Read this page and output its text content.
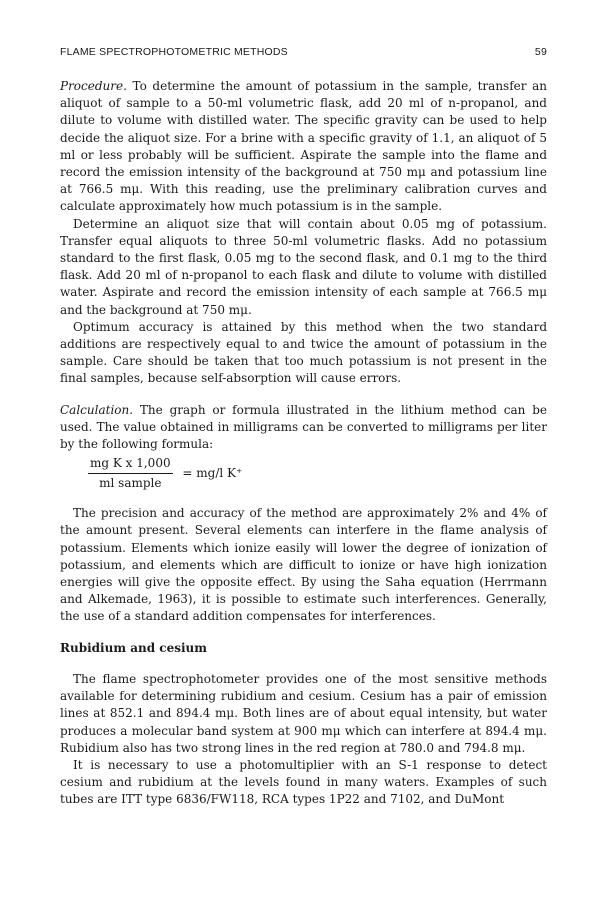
FLAME SPECTROPHOTOMETRIC METHODS	59

Procedure. To determine the amount of potassium in the sample, transfer an aliquot of sample to a 50-ml volumetric flask, add 20 ml of n-propanol, and dilute to volume with distilled water. The specific gravity can be used to help decide the aliquot size. For a brine with a specific gravity of 1.1, an aliquot of 5 ml or less probably will be sufficient. Aspirate the sample into the flame and record the emission intensity of the background at 750 mμ and potassium line at 766.5 mμ. With this reading, use the preliminary calibration curves and calculate approximately how much potassium is in the sample.

Determine an aliquot size that will contain about 0.05 mg of potassium. Transfer equal aliquots to three 50-ml volumetric flasks. Add no potassium standard to the first flask, 0.05 mg to the second flask, and 0.1 mg to the third flask. Add 20 ml of n-propanol to each flask and dilute to volume with distilled water. Aspirate and record the emission intensity of each sample at 766.5 mμ and the background at 750 mμ.

Optimum accuracy is attained by this method when the two standard additions are respectively equal to and twice the amount of potassium in the sample. Care should be taken that too much potassium is not present in the final samples, because self-absorption will cause errors.

Calculation. The graph or formula illustrated in the lithium method can be used. The value obtained in milligrams can be converted to milligrams per liter by the following formula:

$\frac{\text{mg K x 1,000}}{\text{ml sample}} = mg/l$ K⁺

The precision and accuracy of the method are approximately 2% and 4% of the amount present. Several elements can interfere in the flame analysis of potassium. Elements which ionize easily will lower the degree of ionization of potassium, and elements which are difficult to ionize or have high ionization energies will give the opposite effect. By using the Saha equation (Herrmann and Alkemade, 1963), it is possible to estimate such interferences. Generally, the use of a standard addition compensates for interferences.

Rubidium and cesium

The flame spectrophotometer provides one of the most sensitive methods available for determining rubidium and cesium. Cesium has a pair of emission lines at 852.1 and 894.4 mμ. Both lines are of about equal intensity, but water produces a molecular band system at 900 mμ which can interfere at 894.4 mμ. Rubidium also has two strong lines in the red region at 780.0 and 794.8 mμ.

It is necessary to use a photomultiplier with an S-1 response to detect cesium and rubidium at the levels found in many waters. Examples of such tubes are ITT type 6836/FW118, RCA types 1P22 and 7102, and DuMont
